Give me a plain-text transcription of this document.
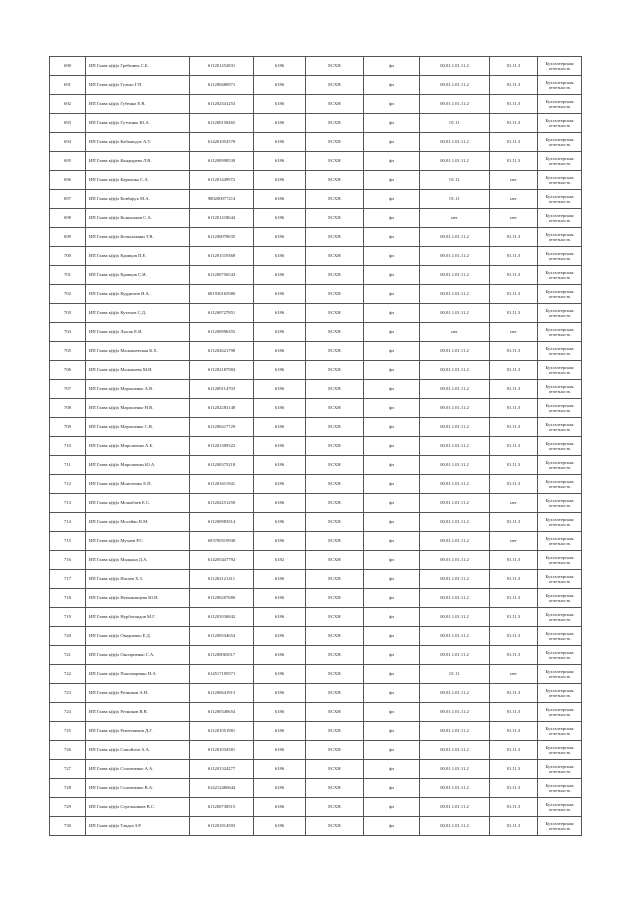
690	ИП Глава к(ф)х Гребенюк С.Б.	611201252831	6186	ЕСХН	фл	00.01.1.01.11.2	01.11.3	Бухгалтерская отчетность
691	ИП Глава к(ф)х Гулько Г.П.	611200480971	6186	ЕСХН	фл	00.01.1.01.11.2	01.11.3	Бухгалтерская отчетность
692	ИП Глава к(ф)х Губенко Е.В.	611202341253	6186	ЕСХН	фл	00.01.1.01.11.2	01.11.3	Бухгалтерская отчетность
693	ИП Глава к(ф)х Гутченко Ю.А.	611200158465	6186	ЕСХН	фл	01.11	01.11.3	Бухгалтерская отчетность
694	ИП Глава к(ф)х Кабыкидзе А.Т.	614201054578	6186	ЕСХН	фл	00.01.1.01.11.2	01.11.3	Бухгалтерская отчетность
695	ИП Глава к(ф)х Кандырева Л.В.	611200998539	6186	ЕСХН	фл	00.01.1.01.11.2	01.11.3	Бухгалтерская отчетность
696	ИП Глава к(ф)х Карпенко С.А.	611201449972	6186	ЕСХН	фл	01.11	нет	Бухгалтерская отчетность
697	ИП Глава к(ф)х Ковбарук М.А.	980200077214	6186	ЕСХН	фл	01.11	нет	Бухгалтерская отчетность
698	ИП Глава к(ф)х Коньшаков С.А.	611201218644	6186	ЕСХН	фл	нет	нет	Бухгалтерская отчетность
699	ИП Глава к(ф)х Копылаквин Т.В.	611200078035	6186	ЕСХН	фл	00.01.1.01.11.2	01.11.3	Бухгалтерская отчетность
700	ИП Глава к(ф)х Кравцов П.Е.	611201519368	6186	ЕСХН	фл	00.01.1.01.11.2	01.11.3	Бухгалтерская отчетность
701	ИП Глава к(ф)х Кравцов С.И.	611200756543	6186	ЕСХН	фл	00.01.1.01.11.2	01.11.3	Бухгалтерская отчетность
702	ИП Глава к(ф)х Курдюков И.А.	681930165900	6186	ЕСХН	фл	00.01.1.01.11.2	01.11.3	Бухгалтерская отчетность
703	ИП Глава к(ф)х Кутепов С.Д.	611200727851	6186	ЕСХН	фл	00.01.1.01.11.2	01.11.3	Бухгалтерская отчетность
704	ИП Глава к(ф)х Лысак Е.И.	611200996355	6186	ЕСХН	фл	нет	нет	Бухгалтерская отчетность
705	ИП Глава к(ф)х Малышевская К.Х.	611202621798	6186	ЕСХН	фл	00.01.1.01.11.2	01.11.3	Бухгалтерская отчетность
706	ИП Глава к(ф)х Малышева М.Н.	611202187984	6186	ЕСХН	фл	00.01.1.01.11.2	01.11.3	Бухгалтерская отчетность
707	ИП Глава к(ф)х Марошенко А.В.	611200114703	6186	ЕСХН	фл	00.01.1.01.11.2	01.11.3	Бухгалтерская отчетность
708	ИП Глава к(ф)х Марошенко Н.В.	611202283148	6186	ЕСХН	фл	00.01.1.01.11.2	01.11.3	Бухгалтерская отчетность
709	ИП Глава к(ф)х Марошенко С.В.	611200417729	6186	ЕСХН	фл	00.01.1.01.11.2	01.11.3	Бухгалтерская отчетность
710	ИП Глава к(ф)х Мирошенко А.Б.	611201309322	6186	ЕСХН	фл	00.01.1.01.11.2	01.11.3	Бухгалтерская отчетность
711	ИП Глава к(ф)х Мирошенко Ю.А.	611200375218	6186	ЕСХН	фл	00.01.1.01.11.2	01.11.3	Бухгалтерская отчетность
712	ИП Глава к(ф)х Моисеенко Е.П.	611201611941	6186	ЕСХН	фл	00.01.1.01.11.2	01.11.3	Бухгалтерская отчетность
713	ИП Глава к(ф)х Мошабаев Е.С.	611202251250	6186	ЕСХН	фл	00.01.1.01.11.2	нет	Бухгалтерская отчетность
714	ИП Глава к(ф)х Мосейко В.М.	611200983514	6186	ЕСХН	фл	00.01.1.01.11.2	01.11.3	Бухгалтерская отчетность
715	ИП Глава к(ф)х Мухаев Р.С.	693700319938	6186	ЕСХН	фл	00.01.1.01.11.2	нет	Бухгалтерская отчетность
716	ИП Глава к(ф)х Мыцына Д.А.	614205447792	6182	ЕСХН	фл	00.01.1.01.11.2	01.11.3	Бухгалтерская отчетность
717	ИП Глава к(ф)х Нагаев Х.З.	611202121411	6186	ЕСХН	фл	00.01.1.01.11.2	01.11.3	Бухгалтерская отчетность
718	ИП Глава к(ф)х Немыканцева Ю.Н.	611200207680	6186	ЕСХН	фл	00.01.1.01.11.2	01.11.3	Бухгалтерская отчетность
719	ИП Глава к(ф)х Нурбагандов М.Г.	611201036842	6186	ЕСХН	фл	00.01.1.01.11.2	01.11.3	Бухгалтерская отчетность
720	ИП Глава к(ф)х Овадненко Е.Д.	611200534654	6186	ЕСХН	фл	00.01.1.01.11.2	01.11.3	Бухгалтерская отчетность
721	ИП Глава к(ф)х Оноприенко С.А.	611200065017	6186	ЕСХН	фл	00.01.1.01.11.2	01.11.3	Бухгалтерская отчетность
722	ИП Глава к(ф)х Пономаренко Н.А.	614517199571	6186	ЕСХН	фл	01.11	нет	Бухгалтерская отчетность
723	ИП Глава к(ф)х Резников А.Н.	611200641913	6186	ЕСХН	фл	00.01.1.01.11.2	01.11.3	Бухгалтерская отчетность
724	ИП Глава к(ф)х Резников В.В.	611200340654	6186	ЕСХН	фл	00.01.1.01.11.2	01.11.3	Бухгалтерская отчетность
725	ИП Глава к(ф)х Решетников Д.Г.	611201051981	6186	ЕСХН	фл	00.01.1.01.11.2	01.11.3	Бухгалтерская отчетность
726	ИП Глава к(ф)х Самойлов А.А.	611201034581	6186	ЕСХН	фл	00.01.1.01.11.2	01.11.3	Бухгалтерская отчетность
727	ИП Глава к(ф)х Соловченко А.А.	611201324277	6186	ЕСХН	фл	00.01.1.01.11.2	01.11.3	Бухгалтерская отчетность
728	ИП Глава к(ф)х Соловченко В.А.	614212480644	6186	ЕСХН	фл	00.01.1.01.11.2	01.11.3	Бухгалтерская отчетность
729	ИП Глава к(ф)х Сгрельников В.С.	611200738515	6186	ЕСХН	фл	00.01.1.01.11.2	01.11.3	Бухгалтерская отчетность
730	ИП Глава к(ф)х Тавдаа З.Р.	611201914593	6186	ЕСХН	фл	00.01.1.01.11.2	01.11.3	Бухгалтерская отчетность
